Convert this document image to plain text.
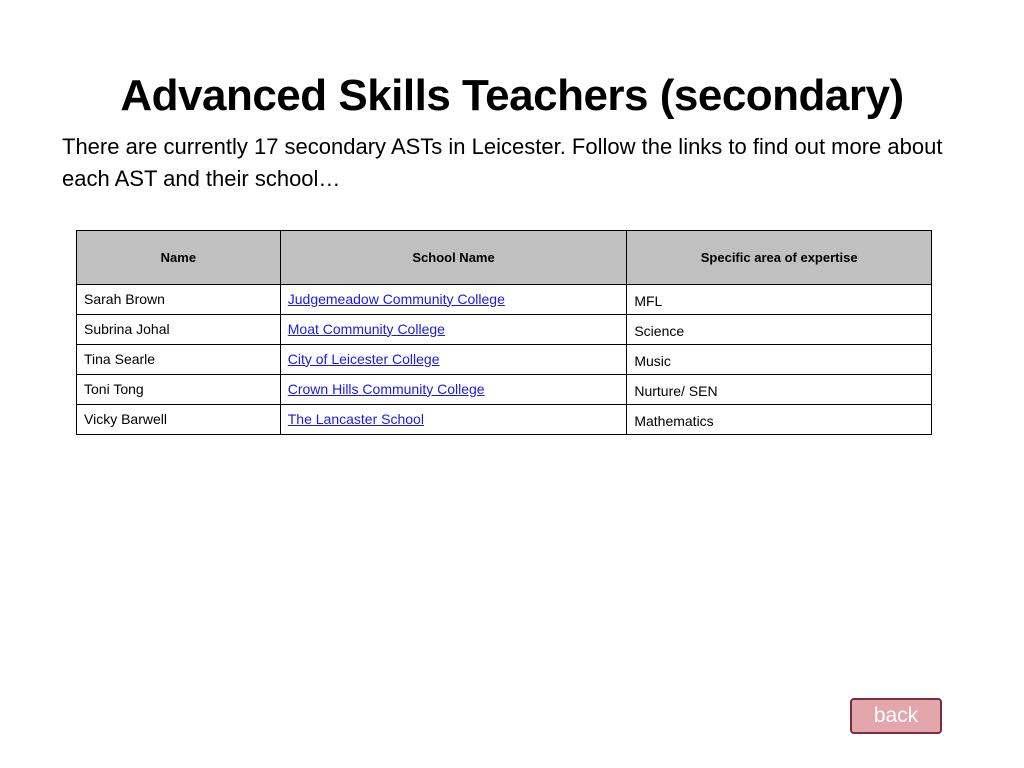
Advanced Skills Teachers (secondary)
There are currently 17 secondary ASTs in Leicester. Follow the links to find out more about each AST and their school…
Name	School Name	Specific area of expertise
Sarah Brown	Judgemeadow Community College	MFL
Subrina Johal	Moat Community College	Science
Tina Searle	City of Leicester College	Music
Toni Tong	Crown Hills Community College	Nurture/ SEN
Vicky Barwell	The Lancaster School	Mathematics
back
